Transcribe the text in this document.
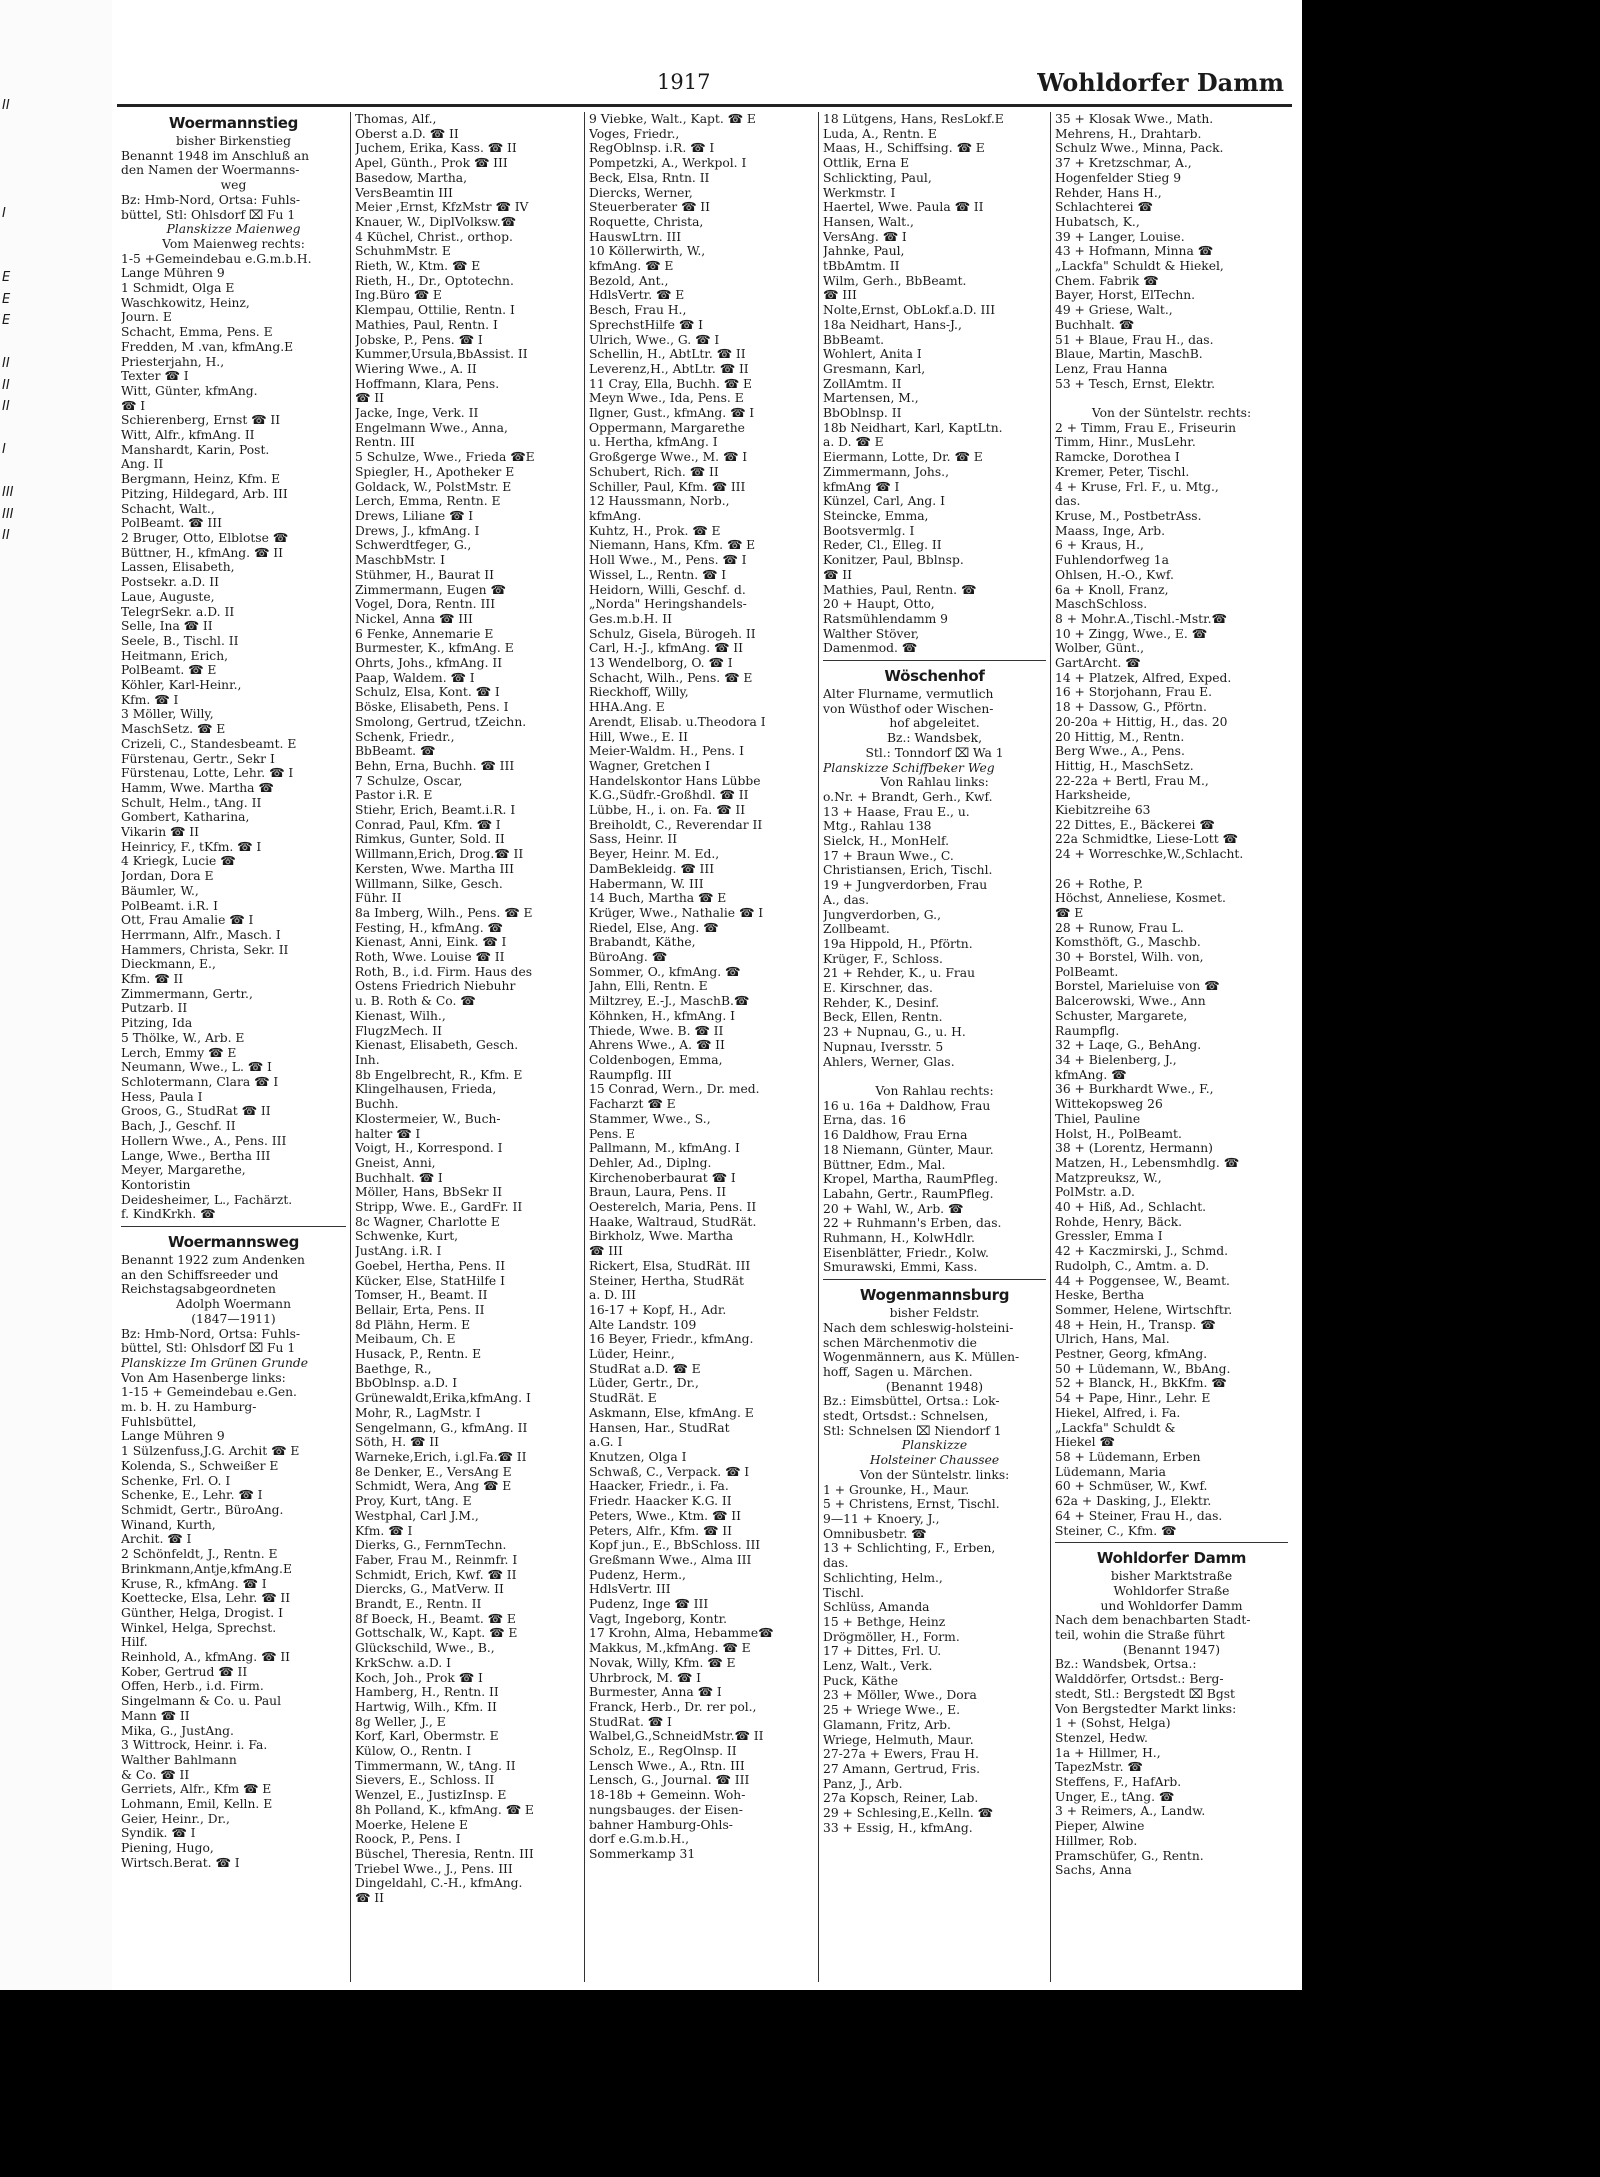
II

I

E
E
E

II
II
II

I

III
III
II

1917	Wohldorfer Damm
Woermannstieg
bisher Birkenstieg
Benannt 1948 im Anschluß an
den Namen der Woermanns-
weg
Bz: Hmb-Nord, Ortsa: Fuhls-
büttel, Stl: Ohlsdorf ⌧ Fu 1
Planskizze Maienweg
Vom Maienweg rechts:
1-5 +Gemeindebau e.G.m.b.H.
Lange Mühren 9
1 Schmidt, Olga E
Waschkowitz, Heinz,
Journ. E
Schacht, Emma, Pens. E
Fredden, M .van, kfmAng.E
Priesterjahn, H.,
Texter ☎ I
Witt, Günter, kfmAng.
☎ I
Schierenberg, Ernst ☎ II
Witt, Alfr., kfmAng. II
Manshardt, Karin, Post.
Ang. II
Bergmann, Heinz, Kfm. E
Pitzing, Hildegard, Arb. III
Schacht, Walt.,
PolBeamt. ☎ III
2 Bruger, Otto, Elblotse ☎
Büttner, H., kfmAng. ☎ II
Lassen, Elisabeth,
Postsekr. a.D. II
Laue, Auguste,
TelegrSekr. a.D. II
Selle, Ina ☎ II
Seele, B., Tischl. II
Heitmann, Erich,
PolBeamt. ☎ E
Köhler, Karl-Heinr.,
Kfm. ☎ I
3 Möller, Willy,
MaschSetz. ☎ E
Crizeli, C., Standesbeamt. E
Fürstenau, Gertr., Sekr I
Fürstenau, Lotte, Lehr. ☎ I
Hamm, Wwe. Martha ☎
Schult, Helm., tAng. II
Gombert, Katharina,
Vikarin ☎ II
Heinricy, F., tKfm. ☎ I
4 Kriegk, Lucie ☎
Jordan, Dora E
Bäumler, W.,
PolBeamt. i.R. I
Ott, Frau Amalie ☎ I
Herrmann, Alfr., Masch. I
Hammers, Christa, Sekr. II
Dieckmann, E.,
Kfm. ☎ II
Zimmermann, Gertr.,
Putzarb. II
Pitzing, Ida
5 Thölke, W., Arb. E
Lerch, Emmy ☎ E
Neumann, Wwe., L. ☎ I
Schlotermann, Clara ☎ I
Hess, Paula I
Groos, G., StudRat ☎ II
Bach, J., Geschf. II
Hollern Wwe., A., Pens. III
Lange, Wwe., Bertha III
Meyer, Margarethe,
Kontoristin
Deidesheimer, L., Fachärzt.
f. KindKrkh. ☎

Woermannsweg
Benannt 1922 zum Andenken
an den Schiffsreeder und
Reichstagsabgeordneten
Adolph Woermann
(1847—1911)
Bz: Hmb-Nord, Ortsa: Fuhls-
büttel, Stl: Ohlsdorf ⌧ Fu 1
Planskizze Im Grünen Grunde
Von Am Hasenberge links:
1-15 + Gemeindebau e.Gen.
m. b. H. zu Hamburg-
Fuhlsbüttel,
Lange Mühren 9
1 Sülzenfuss,J.G. Archit ☎ E
Kolenda, S., Schweißer E
Schenke, Frl. O. I
Schenke, E., Lehr. ☎ I
Schmidt, Gertr., BüroAng.
Winand, Kurth,
Archit. ☎ I
2 Schönfeldt, J., Rentn. E
Brinkmann,Antje,kfmAng.E
Kruse, R., kfmAng. ☎ I
Koettecke, Elsa, Lehr. ☎ II
Günther, Helga, Drogist. I
Winkel, Helga, Sprechst.
Hilf.
Reinhold, A., kfmAng. ☎ II
Kober, Gertrud ☎ II
Offen, Herb., i.d. Firm.
Singelmann & Co. u. Paul
Mann ☎ II
Mika, G., JustAng.
3 Wittrock, Heinr. i. Fa.
Walther Bahlmann
& Co. ☎ II
Gerriets, Alfr., Kfm ☎ E
Lohmann, Emil, Kelln. E
Geier, Heinr., Dr.,
Syndik. ☎ I
Piening, Hugo,
Wirtsch.Berat. ☎ I
Thomas, Alf.,
Oberst a.D. ☎ II
Juchem, Erika, Kass. ☎ II
Apel, Günth., Prok ☎ III
Basedow, Martha,
VersBeamtin III
Meier ,Ernst, KfzMstr ☎ IV
Knauer, W., DiplVolksw.☎
4 Küchel, Christ., orthop.
SchuhmMstr. E
Rieth, W., Ktm. ☎ E
Rieth, H., Dr., Optotechn.
Ing.Büro ☎ E
Klempau, Ottilie, Rentn. I
Mathies, Paul, Rentn. I
Jobske, P., Pens. ☎ I
Kummer,Ursula,BbAssist. II
Wiering Wwe., A. II
Hoffmann, Klara, Pens.
☎ II
Jacke, Inge, Verk. II
Engelmann Wwe., Anna,
Rentn. III
5 Schulze, Wwe., Frieda ☎E
Spiegler, H., Apotheker E
Goldack, W., PolstMstr. E
Lerch, Emma, Rentn. E
Drews, Liliane ☎ I
Drews, J., kfmAng. I
Schwerdtfeger, G.,
MaschbMstr. I
Stühmer, H., Baurat II
Zimmermann, Eugen ☎
Vogel, Dora, Rentn. III
Nickel, Anna ☎ III
6 Fenke, Annemarie E
Burmester, K., kfmAng. E
Ohrts, Johs., kfmAng. II
Paap, Waldem. ☎ I
Schulz, Elsa, Kont. ☎ I
Böske, Elisabeth, Pens. I
Smolong, Gertrud, tZeichn.
Schenk, Friedr.,
BbBeamt. ☎
Behn, Erna, Buchh. ☎ III
7 Schulze, Oscar,
Pastor i.R. E
Stiehr, Erich, Beamt.i.R. I
Conrad, Paul, Kfm. ☎ I
Rimkus, Gunter, Sold. II
Willmann,Erich, Drog.☎ II
Kersten, Wwe. Martha III
Willmann, Silke, Gesch.
Führ. II
8a Imberg, Wilh., Pens. ☎ E
Festing, H., kfmAng. ☎
Kienast, Anni, Eink. ☎ I
Roth, Wwe. Louise ☎ II
Roth, B., i.d. Firm. Haus des
Ostens Friedrich Niebuhr
u. B. Roth & Co. ☎
Kienast, Wilh.,
FlugzMech. II
Kienast, Elisabeth, Gesch.
Inh.
8b Engelbrecht, R., Kfm. E
Klingelhausen, Frieda,
Buchh.
Klostermeier, W., Buch-
halter ☎ I
Voigt, H., Korrespond. I
Gneist, Anni,
Buchhalt. ☎ I
Möller, Hans, BbSekr II
Stripp, Wwe. E., GardFr. II
8c Wagner, Charlotte E
Schwenke, Kurt,
JustAng. i.R. I
Goebel, Hertha, Pens. II
Kücker, Else, StatHilfe I
Tomser, H., Beamt. II
Bellair, Erta, Pens. II
8d Plähn, Herm. E
Meibaum, Ch. E
Husack, P., Rentn. E
Baethge, R.,
BbOblnsp. a.D. I
Grünewaldt,Erika,kfmAng. I
Mohr, R., LagMstr. I
Sengelmann, G., kfmAng. II
Söth, H. ☎ II
Warneke,Erich, i.gl.Fa.☎ II
8e Denker, E., VersAng E
Schmidt, Wera, Ang ☎ E
Proy, Kurt, tAng. E
Westphal, Carl J.M.,
Kfm. ☎ I
Dierks, G., FernmTechn.
Faber, Frau M., Reinmfr. I
Schmidt, Erich, Kwf. ☎ II
Diercks, G., MatVerw. II
Brandt, E., Rentn. II
8f Boeck, H., Beamt. ☎ E
Gottschalk, W., Kapt. ☎ E
Glückschild, Wwe., B.,
KrkSchw. a.D. I
Koch, Joh., Prok ☎ I
Hamberg, H., Rentn. II
Hartwig, Wilh., Kfm. II
8g Weller, J., E
Korf, Karl, Obermstr. E
Külow, O., Rentn. I
Timmermann, W., tAng. II
Sievers, E., Schloss. II
Wenzel, E., JustizInsp. E
8h Polland, K., kfmAng. ☎ E
Moerke, Helene E
Roock, P., Pens. I
Büschel, Theresia, Rentn. III
Triebel Wwe., J., Pens. III
Dingeldahl, C.-H., kfmAng.
☎ II
9 Viebke, Walt., Kapt. ☎ E
Voges, Friedr.,
RegOblnsp. i.R. ☎ I
Pompetzki, A., Werkpol. I
Beck, Elsa, Rntn. II
Diercks, Werner,
Steuerberater ☎ II
Roquette, Christa,
HauswLtrn. III
10 Köllerwirth, W.,
kfmAng. ☎ E
Bezold, Ant.,
HdlsVertr. ☎ E
Besch, Frau H.,
SprechstHilfe ☎ I
Ulrich, Wwe., G. ☎ I
Schellin, H., AbtLtr. ☎ II
Leverenz,H., AbtLtr. ☎ II
11 Cray, Ella, Buchh. ☎ E
Meyn Wwe., Ida, Pens. E
Ilgner, Gust., kfmAng. ☎ I
Oppermann, Margarethe
u. Hertha, kfmAng. I
Großgerge Wwe., M. ☎ I
Schubert, Rich. ☎ II
Schiller, Paul, Kfm. ☎ III
12 Haussmann, Norb.,
kfmAng.
Kuhtz, H., Prok. ☎ E
Niemann, Hans, Kfm. ☎ E
Holl Wwe., M., Pens. ☎ I
Wissel, L., Rentn. ☎ I
Heidorn, Willi, Geschf. d.
„Norda" Heringshandels-
Ges.m.b.H. II
Schulz, Gisela, Bürogeh. II
Carl, H.-J., kfmAng. ☎ II
13 Wendelborg, O. ☎ I
Schacht, Wilh., Pens. ☎ E
Rieckhoff, Willy,
HHA.Ang. E
Arendt, Elisab. u.Theodora I
Hill, Wwe., E. II
Meier-Waldm. H., Pens. I
Wagner, Gretchen I
Handelskontor Hans Lübbe
K.G.,Südfr.-Großhdl. ☎ II
Lübbe, H., i. on. Fa. ☎ II
Breiholdt, C., Reverendar II
Sass, Heinr. II
Beyer, Heinr. M. Ed.,
DamBekleidg. ☎ III
Habermann, W. III
14 Buch, Martha ☎ E
Krüger, Wwe., Nathalie ☎ I
Riedel, Else, Ang. ☎
Brabandt, Käthe,
BüroAng. ☎
Sommer, O., kfmAng. ☎
Jahn, Elli, Rentn. E
Miltzrey, E.-J., MaschB.☎
Köhnken, H., kfmAng. I
Thiede, Wwe. B. ☎ II
Ahrens Wwe., A. ☎ II
Coldenbogen, Emma,
Raumpflg. III
15 Conrad, Wern., Dr. med.
Facharzt ☎ E
Stammer, Wwe., S.,
Pens. E
Pallmann, M., kfmAng. I
Dehler, Ad., Diplng.
Kirchenoberbaurat ☎ I
Braun, Laura, Pens. II
Oesterelch, Maria, Pens. II
Haake, Waltraud, StudRät.
Birkholz, Wwe. Martha
☎ III
Rickert, Elsa, StudRät. III
Steiner, Hertha, StudRät
a. D. III
16-17 + Kopf, H., Adr.
Alte Landstr. 109
16 Beyer, Friedr., kfmAng.
Lüder, Heinr.,
StudRat a.D. ☎ E
Lüder, Gertr., Dr.,
StudRät. E
Askmann, Else, kfmAng. E
Hansen, Har., StudRat
a.G. I
Knutzen, Olga I
Schwaß, C., Verpack. ☎ I
Haacker, Friedr., i. Fa.
Friedr. Haacker K.G. II
Peters, Wwe., Ktm. ☎ II
Peters, Alfr., Kfm. ☎ II
Kopf jun., E., BbSchloss. III
Greßmann Wwe., Alma III
Pudenz, Herm.,
HdlsVertr. III
Pudenz, Inge ☎ III
Vagt, Ingeborg, Kontr.
17 Krohn, Alma, Hebamme☎
Makkus, M.,kfmAng. ☎ E
Novak, Willy, Kfm. ☎ E
Uhrbrock, M. ☎ I
Burmester, Anna ☎ I
Franck, Herb., Dr. rer pol.,
StudRat. ☎ I
Walbel,G.,SchneidMstr.☎ II
Scholz, E., RegOlnsp. II
Lensch Wwe., A., Rtn. III
Lensch, G., Journal. ☎ III
18-18b + Gemeinn. Woh-
nungsbauges. der Eisen-
bahner Hamburg-Ohls-
dorf e.G.m.b.H.,
Sommerkamp 31
18 Lütgens, Hans, ResLokf.E
Luda, A., Rentn. E
Maas, H., Schiffsing. ☎ E
Ottlik, Erna E
Schlickting, Paul,
Werkmstr. I
Haertel, Wwe. Paula ☎ II
Hansen, Walt.,
VersAng. ☎ I
Jahnke, Paul,
tBbAmtm. II
Wilm, Gerh., BbBeamt.
☎ III
Nolte,Ernst, ObLokf.a.D. III
18a Neidhart, Hans-J.,
BbBeamt.
Wohlert, Anita I
Gresmann, Karl,
ZollAmtm. II
Martensen, M.,
BbOblnsp. II
18b Neidhart, Karl, KaptLtn.
a. D. ☎ E
Eiermann, Lotte, Dr. ☎ E
Zimmermann, Johs.,
kfmAng ☎ I
Künzel, Carl, Ang. I
Steincke, Emma,
Bootsvermlg. I
Reder, Cl., Elleg. II
Konitzer, Paul, Bblnsp.
☎ II
Mathies, Paul, Rentn. ☎
20 + Haupt, Otto,
Ratsmühlendamm 9
Walther Stöver,
Damenmod. ☎

Wöschenhof
Alter Flurname, vermutlich
von Wüsthof oder Wischen-
hof abgeleitet.
Bz.: Wandsbek,
Stl.: Tonndorf ⌧ Wa 1
Planskizze Schiffbeker Weg
Von Rahlau links:
o.Nr. + Brandt, Gerh., Kwf.
13 + Haase, Frau E., u.
Mtg., Rahlau 138
Sielck, H., MonHelf.
17 + Braun Wwe., C.
Christiansen, Erich, Tischl.
19 + Jungverdorben, Frau
A., das.
Jungverdorben, G.,
Zollbeamt.
19a Hippold, H., Pförtn.
Krüger, F., Schloss.
21 + Rehder, K., u. Frau
E. Kirschner, das.
Rehder, K., Desinf.
Beck, Ellen, Rentn.
23 + Nupnau, G., u. H.
Nupnau, Iversstr. 5
Ahlers, Werner, Glas.

Von Rahlau rechts:
16 u. 16a + Daldhow, Frau
Erna, das. 16
16 Daldhow, Frau Erna
18 Niemann, Günter, Maur.
Büttner, Edm., Mal.
Kropel, Martha, RaumPfleg.
Labahn, Gertr., RaumPfleg.
20 + Wahl, W., Arb. ☎
22 + Ruhmann's Erben, das.
Ruhmann, H., KolwHdlr.
Eisenblätter, Friedr., Kolw.
Smurawski, Emmi, Kass.

Wogenmannsburg
bisher Feldstr.
Nach dem schleswig-holsteini-
schen Märchenmotiv die
Wogenmännern, aus K. Müllen-
hoff, Sagen u. Märchen.
(Benannt 1948)
Bz.: Eimsbüttel, Ortsa.: Lok-
stedt, Ortsdst.: Schnelsen,
Stl: Schnelsen ⌧ Niendorf 1
Planskizze
Holsteiner Chaussee
Von der Süntelstr. links:
1 + Grounke, H., Maur.
5 + Christens, Ernst, Tischl.
9—11 + Knoery, J.,
Omnibusbetr. ☎
13 + Schlichting, F., Erben,
das.
Schlichting, Helm.,
Tischl.
Schlüss, Amanda
15 + Bethge, Heinz
Drögmöller, H., Form.
17 + Dittes, Frl. U.
Lenz, Walt., Verk.
Puck, Käthe
23 + Möller, Wwe., Dora
25 + Wriege Wwe., E.
Glamann, Fritz, Arb.
Wriege, Helmuth, Maur.
27-27a + Ewers, Frau H.
27 Amann, Gertrud, Fris.
Panz, J., Arb.
27a Kopsch, Reiner, Lab.
29 + Schlesing,E.,Kelln. ☎
33 + Essig, H., kfmAng.
35 + Klosak Wwe., Math.
Mehrens, H., Drahtarb.
Schulz Wwe., Minna, Pack.
37 + Kretzschmar, A.,
Hogenfelder Stieg 9
Rehder, Hans H.,
Schlachterei ☎
Hubatsch, K.,
39 + Langer, Louise.
43 + Hofmann, Minna ☎
„Lackfa" Schuldt & Hiekel,
Chem. Fabrik ☎
Bayer, Horst, ElTechn.
49 + Griese, Walt.,
Buchhalt. ☎
51 + Blaue, Frau H., das.
Blaue, Martin, MaschB.
Lenz, Frau Hanna
53 + Tesch, Ernst, Elektr.

Von der Süntelstr. rechts:
2 + Timm, Frau E., Friseurin
Timm, Hinr., MusLehr.
Ramcke, Dorothea I
Kremer, Peter, Tischl.
4 + Kruse, Frl. F., u. Mtg.,
das.
Kruse, M., PostbetrAss.
Maass, Inge, Arb.
6 + Kraus, H.,
Fuhlendorfweg 1a
Ohlsen, H.-O., Kwf.
6a + Knoll, Franz,
MaschSchloss.
8 + Mohr.A.,Tischl.-Mstr.☎
10 + Zingg, Wwe., E. ☎
Wolber, Günt.,
GartArcht. ☎
14 + Platzek, Alfred, Exped.
16 + Storjohann, Frau E.
18 + Dassow, G., Pförtn.
20-20a + Hittig, H., das. 20
20 Hittig, M., Rentn.
Berg Wwe., A., Pens.
Hittig, H., MaschSetz.
22-22a + Bertl, Frau M.,
Harksheide,
Kiebitzreihe 63
22 Dittes, E., Bäckerei ☎
22a Schmidtke, Liese-Lott ☎
24 + Worreschke,W.,Schlacht.

26 + Rothe, P.
Höchst, Anneliese, Kosmet.
☎ E
28 + Runow, Frau L.
Komsthöft, G., Maschb.
30 + Borstel, Wilh. von,
PolBeamt.
Borstel, Marieluise von ☎
Balcerowski, Wwe., Ann
Schuster, Margarete,
Raumpflg.
32 + Laqe, G., BehAng.
34 + Bielenberg, J.,
kfmAng. ☎
36 + Burkhardt Wwe., F.,
Wittekopsweg 26
Thiel, Pauline
Holst, H., PolBeamt.
38 + (Lorentz, Hermann)
Matzen, H., Lebensmhdlg. ☎
Matzpreuksz, W.,
PolMstr. a.D.
40 + Hiß, Ad., Schlacht.
Rohde, Henry, Bäck.
Gressler, Emma I
42 + Kaczmirski, J., Schmd.
Rudolph, C., Amtm. a. D.
44 + Poggensee, W., Beamt.
Heske, Bertha
Sommer, Helene, Wirtschftr.
48 + Hein, H., Transp. ☎
Ulrich, Hans, Mal.
Pestner, Georg, kfmAng.
50 + Lüdemann, W., BbAng.
52 + Blanck, H., BkKfm. ☎
54 + Pape, Hinr., Lehr. E
Hiekel, Alfred, i. Fa.
„Lackfa" Schuldt &
Hiekel ☎
58 + Lüdemann, Erben
Lüdemann, Maria
60 + Schmüser, W., Kwf.
62a + Dasking, J., Elektr.
64 + Steiner, Frau H., das.
Steiner, C., Kfm. ☎

Wohldorfer Damm
bisher Marktstraße
Wohldorfer Straße
und Wohldorfer Damm
Nach dem benachbarten Stadt-
teil, wohin die Straße führt
(Benannt 1947)
Bz.: Wandsbek, Ortsa.:
Walddörfer, Ortsdst.: Berg-
stedt, Stl.: Bergstedt ⌧ Bgst
Von Bergstedter Markt links:
1 + (Sohst, Helga)
Stenzel, Hedw.
1a + Hillmer, H.,
TapezMstr. ☎
Steffens, F., HafArb.
Unger, E., tAng. ☎
3 + Reimers, A., Landw.
Pieper, Alwine
Hillmer, Rob.
Pramschüfer, G., Rentn.
Sachs, Anna
